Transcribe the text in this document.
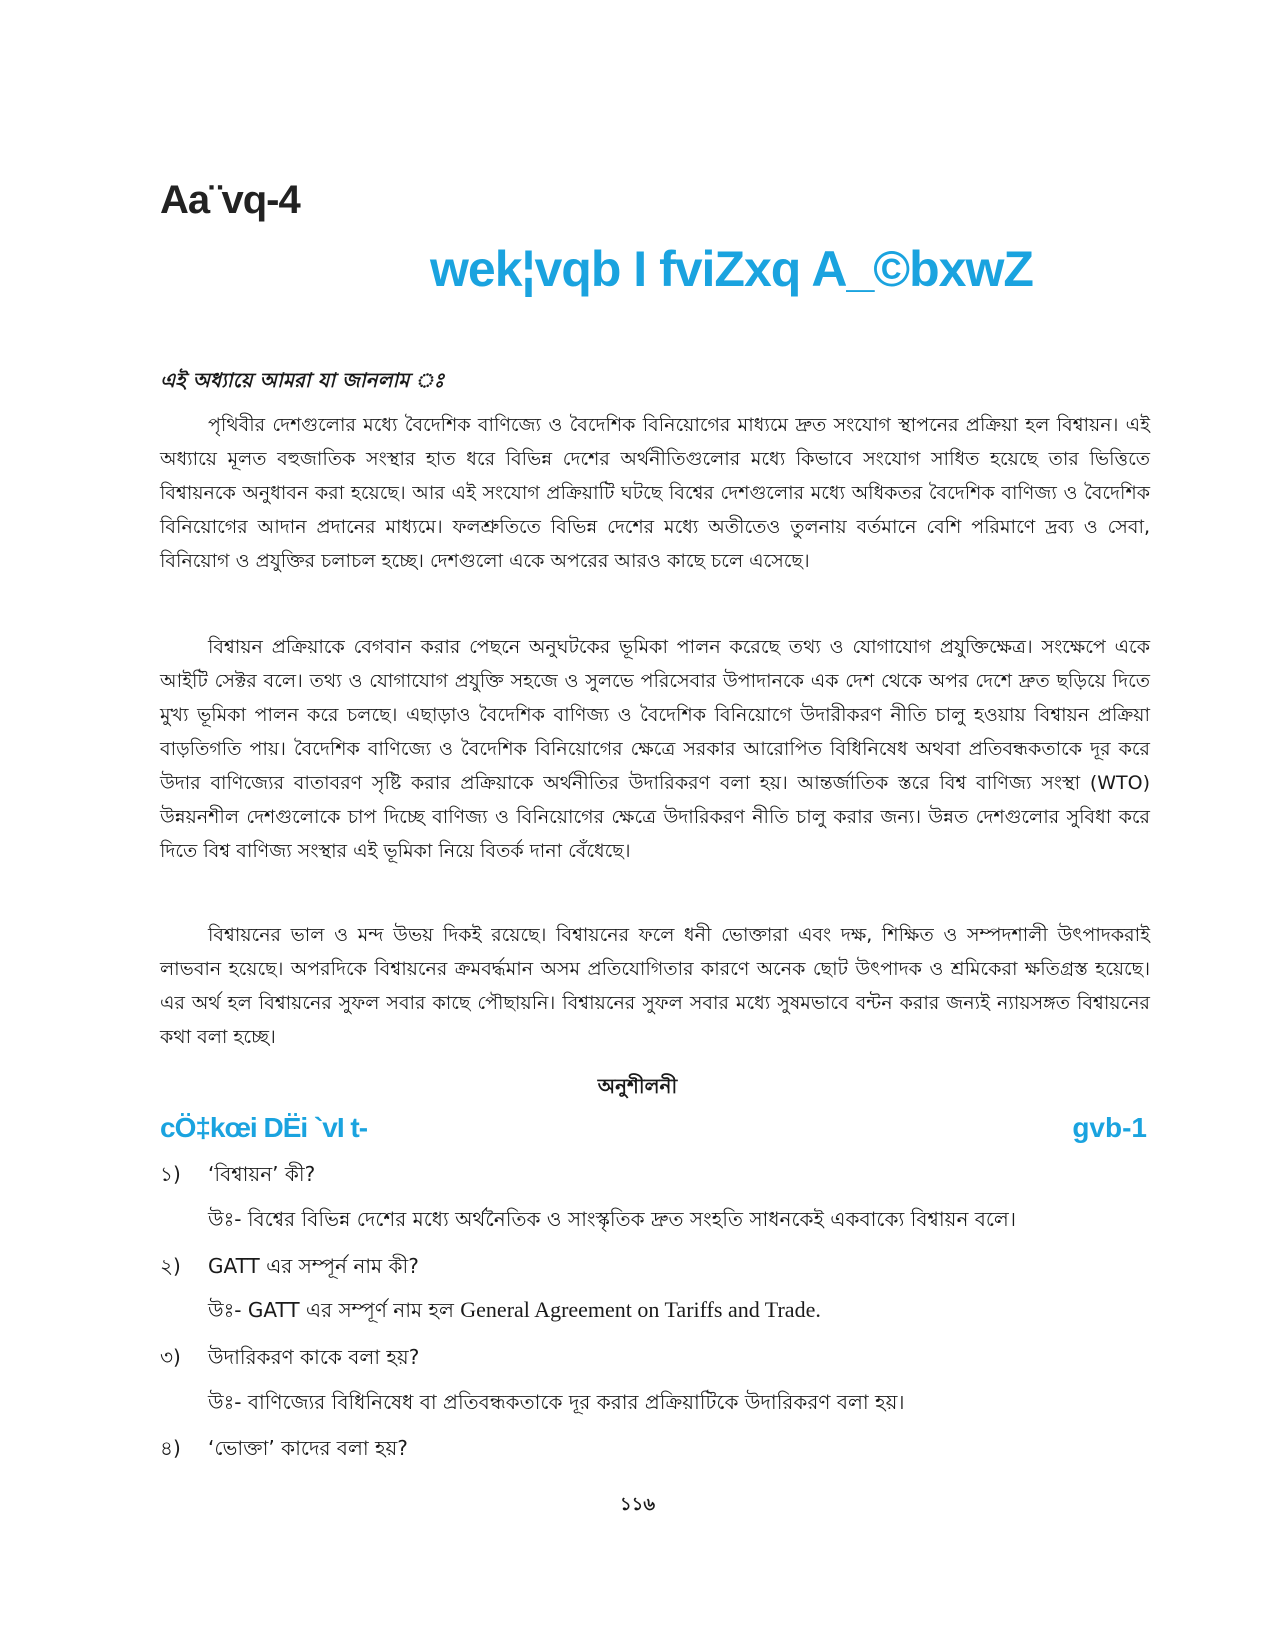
Aa¨vq-4
wek¦vqb I fviZxq A_©bxwZ
এই অধ্যায়ে আমরা যা জানলাম ঃ

পৃথিবীর দেশগুলোর মধ্যে বৈদেশিক বাণিজ্যে ও বৈদেশিক বিনিয়োগের মাধ্যমে দ্রুত সংযোগ স্থাপনের প্রক্রিয়া হল বিশ্বায়ন। এই অধ্যায়ে মূলত বহুজাতিক সংস্থার হাত ধরে বিভিন্ন দেশের অর্থনীতিগুলোর মধ্যে কিভাবে সংযোগ সাধিত হয়েছে তার ভিত্তিতে বিশ্বায়নকে অনুধাবন করা হয়েছে। আর এই সংযোগ প্রক্রিয়াটি ঘটছে বিশ্বের দেশগুলোর মধ্যে অধিকতর বৈদেশিক বাণিজ্য ও বৈদেশিক বিনিয়োগের আদান প্রদানের মাধ্যমে। ফলশ্রুতিতে বিভিন্ন দেশের মধ্যে অতীতেও তুলনায় বর্তমানে বেশি পরিমাণে দ্রব্য ও সেবা, বিনিয়োগ ও প্রযুক্তির চলাচল হচ্ছে। দেশগুলো একে অপরের আরও কাছে চলে এসেছে।

বিশ্বায়ন প্রক্রিয়াকে বেগবান করার পেছনে অনুঘটকের ভূমিকা পালন করেছে তথ্য ও যোগাযোগ প্রযুক্তিক্ষেত্র। সংক্ষেপে একে আইটি সেক্টর বলে। তথ্য ও যোগাযোগ প্রযুক্তি সহজে ও সুলভে পরিসেবার উপাদানকে এক দেশ থেকে অপর দেশে দ্রুত ছড়িয়ে দিতে মুখ্য ভূমিকা পালন করে চলছে। এছাড়াও বৈদেশিক বাণিজ্য ও বৈদেশিক বিনিয়োগে উদারীকরণ নীতি চালু হওয়ায় বিশ্বায়ন প্রক্রিয়া বাড়তিগতি পায়। বৈদেশিক বাণিজ্যে ও বৈদেশিক বিনিয়োগের ক্ষেত্রে সরকার আরোপিত বিধিনিষেধ অথবা প্রতিবন্ধকতাকে দূর করে উদার বাণিজ্যের বাতাবরণ সৃষ্টি করার প্রক্রিয়াকে অর্থনীতির উদারিকরণ বলা হয়। আন্তর্জাতিক স্তরে বিশ্ব বাণিজ্য সংস্থা (WTO) উন্নয়নশীল দেশগুলোকে চাপ দিচ্ছে বাণিজ্য ও বিনিয়োগের ক্ষেত্রে উদারিকরণ নীতি চালু করার জন্য। উন্নত দেশগুলোর সুবিধা করে দিতে বিশ্ব বাণিজ্য সংস্থার এই ভূমিকা নিয়ে বিতর্ক দানা বেঁধেছে।

বিশ্বায়নের ভাল ও মন্দ উভয় দিকই রয়েছে। বিশ্বায়নের ফলে ধনী ভোক্তারা এবং দক্ষ, শিক্ষিত ও সম্পদশালী উৎপাদকরাই লাভবান হয়েছে। অপরদিকে বিশ্বায়নের ক্রমবর্দ্ধমান অসম প্রতিযোগিতার কারণে অনেক ছোট উৎপাদক ও শ্রমিকেরা ক্ষতিগ্রস্ত হয়েছে। এর অর্থ হল বিশ্বায়নের সুফল সবার কাছে পৌছায়নি। বিশ্বায়নের সুফল সবার মধ্যে সুষমভাবে বন্টন করার জন্যই ন্যায়সঙ্গত বিশ্বায়নের কথা বলা হচ্ছে।

অনুশীলনী
cÖ‡kœi DËi `vI t-	gvb-1
১)	‘বিশ্বায়ন’ কী?
উঃ- বিশ্বের বিভিন্ন দেশের মধ্যে অর্থনৈতিক ও সাংস্কৃতিক দ্রুত সংহতি সাধনকেই একবাক্যে বিশ্বায়ন বলে।
২)	GATT এর সম্পূর্ন নাম কী?
উঃ- GATT এর সম্পূর্ণ নাম হল General Agreement on Tariffs and Trade.
৩)	উদারিকরণ কাকে বলা হয়?
উঃ- বাণিজ্যের বিধিনিষেধ বা প্রতিবন্ধকতাকে দূর করার প্রক্রিয়াটিকে উদারিকরণ বলা হয়।
৪)	‘ভোক্তা’ কাদের বলা হয়?
১১৬
